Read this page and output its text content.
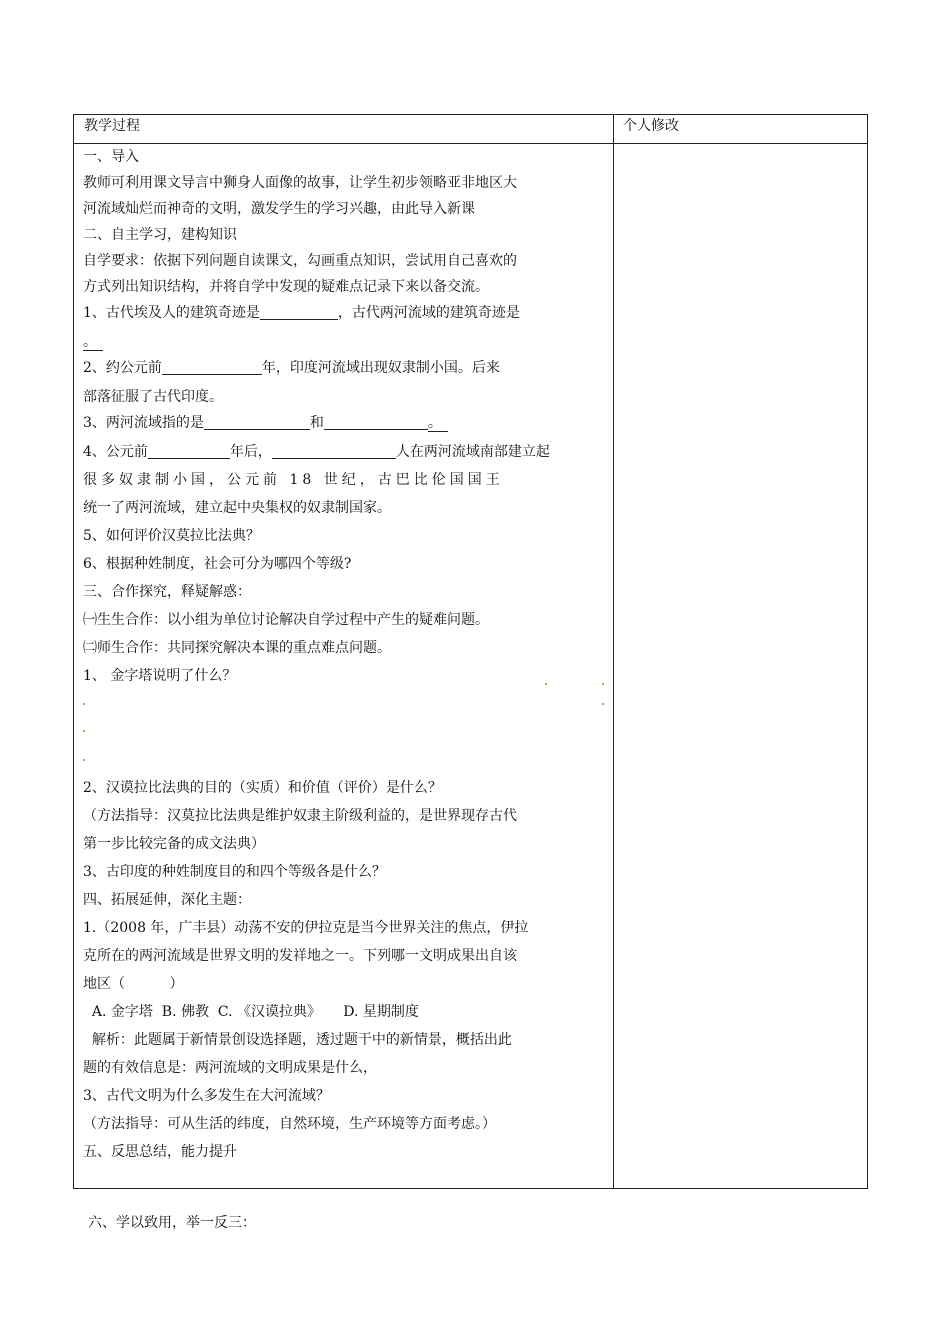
教学过程	个人修改
一、导入
教师可利用课文导言中狮身人面像的故事，让学生初步领略亚非地区大
河流域灿烂而神奇的文明，激发学生的学习兴趣，由此导入新课
二、自主学习，建构知识
自学要求：依据下列问题自读课文，勾画重点知识，尝试用自己喜欢的
方式列出知识结构，并将自学中发现的疑难点记录下来以备交流。
1、古代埃及人的建筑奇迹是	，古代两河流域的建筑奇迹是
。
2、约公元前	年，印度河流域出现奴隶制小国。后来
部落征服了古代印度。
3、两河流域指的是	和	。
4、公元前	年后，	人在两河流域南部建立起
很多奴隶制小国，公元前 18 世纪，古巴比伦国国王
统一了两河流域，建立起中央集权的奴隶制国家。
5、如何评价汉莫拉比法典？
6、根据种姓制度，社会可分为哪四个等级?
三、合作探究，释疑解惑：
㈠生生合作：以小组为单位讨论解决自学过程中产生的疑难问题。
㈡师生合作：共同探究解决本课的重点难点问题。
1、 金字塔说明了什么？
2、汉谟拉比法典的目的（实质）和价值（评价）是什么？
（方法指导：汉莫拉比法典是维护奴隶主阶级利益的，是世界现存古代
第一步比较完备的成文法典）
3、古印度的种姓制度目的和四个等级各是什么？
四、拓展延伸，深化主题：
1.（2008 年，广丰县）动荡不安的伊拉克是当今世界关注的焦点，伊拉
克所在的两河流域是世界文明的发祥地之一。下列哪一文明成果出自该
地区（          ）
A. 金字塔  B. 佛教  C. 《汉谟拉典》     D. 星期制度
解析：此题属于新情景创设选择题，透过题干中的新情景，概括出此
题的有效信息是：两河流域的文明成果是什么，
3、古代文明为什么多发生在大河流域？
（方法指导：可从生活的纬度，自然环境，生产环境等方面考虑。）
五、反思总结，能力提升
六、学以致用，举一反三：
